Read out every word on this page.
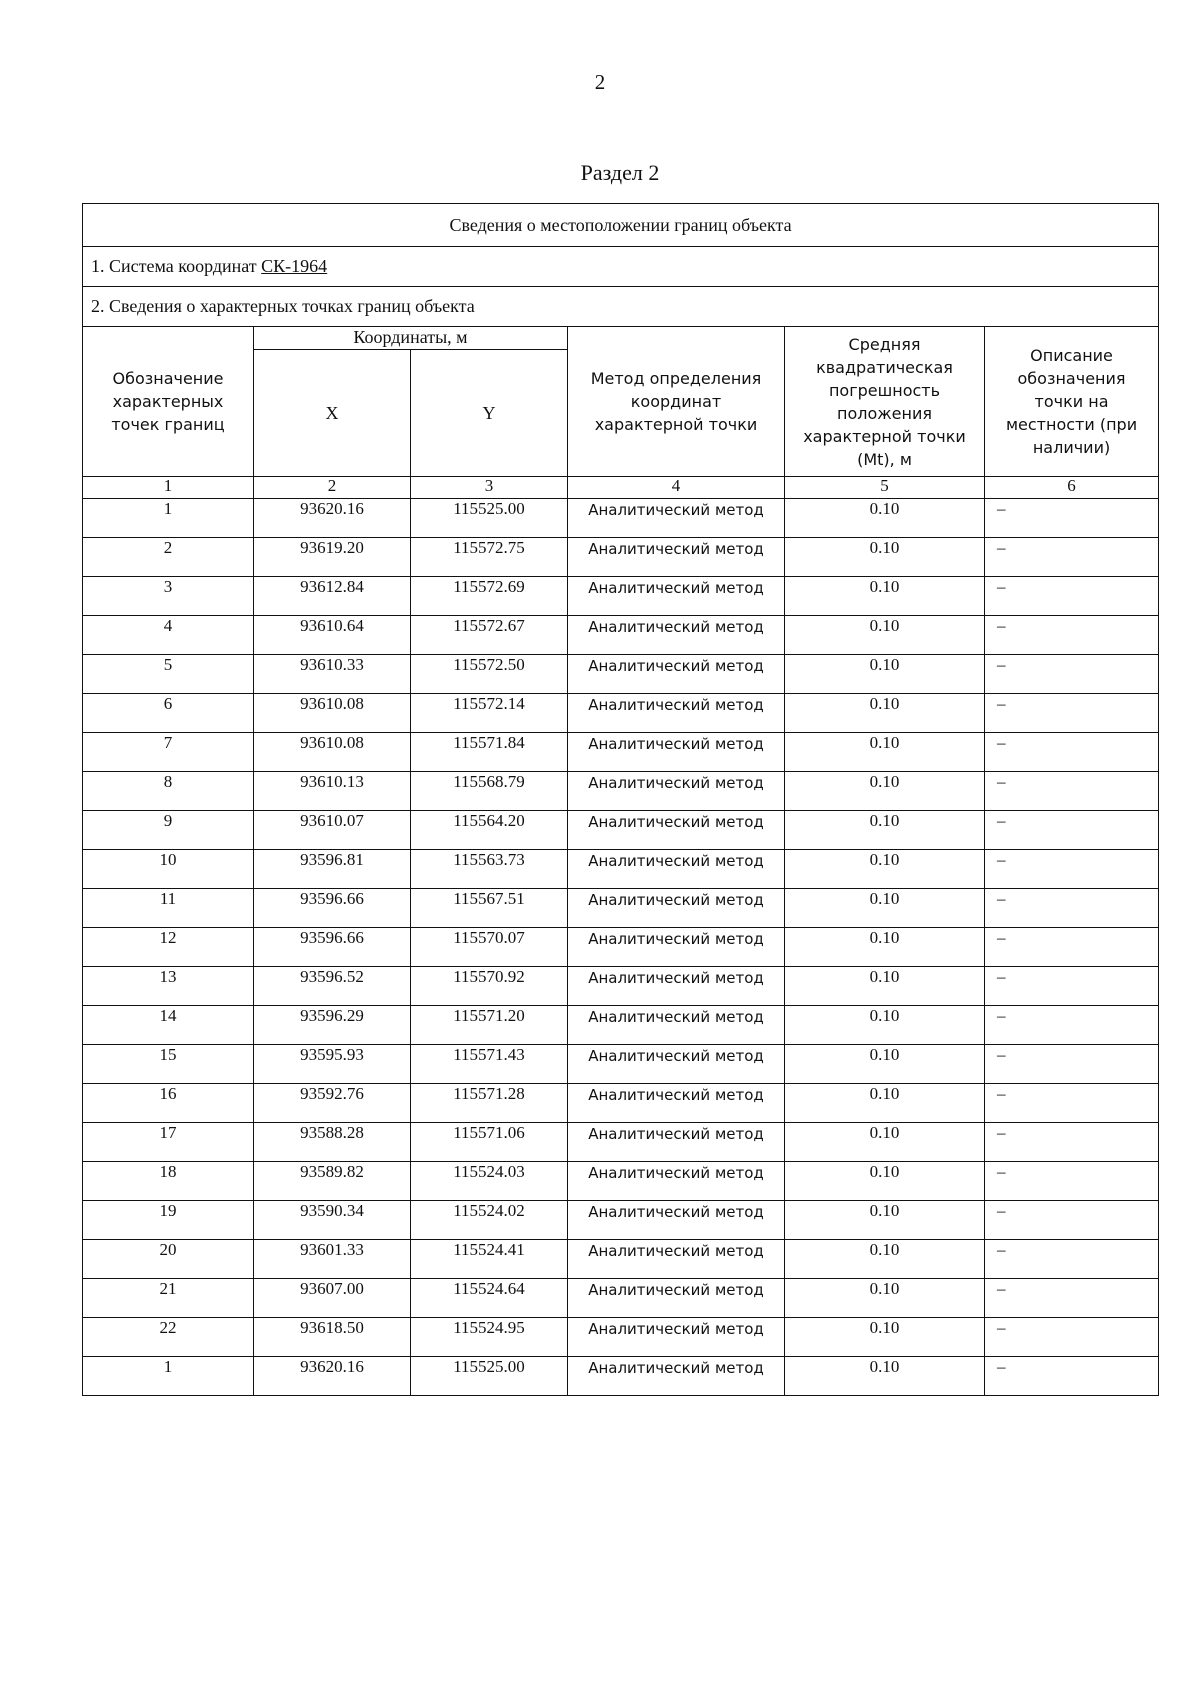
2
Раздел 2
Сведения о местоположении границ объекта					
1. Система координат СК-1964					
2. Сведения о характерных точках границ объекта					
Обозначение характерных точек границ	Координаты, м		Метод определения координат характерной точки	Средняя квадратическая погрешность положения характерной точки (Mt), м	Описание обозначения точки на местности (при наличии)
	X	Y			
1	2	3	4	5	6

1	93620.16	115525.00	Аналитический метод	0.10	–

2	93619.20	115572.75	Аналитический метод	0.10	–

3	93612.84	115572.69	Аналитический метод	0.10	–

4	93610.64	115572.67	Аналитический метод	0.10	–

5	93610.33	115572.50	Аналитический метод	0.10	–

6	93610.08	115572.14	Аналитический метод	0.10	–

7	93610.08	115571.84	Аналитический метод	0.10	–

8	93610.13	115568.79	Аналитический метод	0.10	–

9	93610.07	115564.20	Аналитический метод	0.10	–

10	93596.81	115563.73	Аналитический метод	0.10	–

11	93596.66	115567.51	Аналитический метод	0.10	–

12	93596.66	115570.07	Аналитический метод	0.10	–

13	93596.52	115570.92	Аналитический метод	0.10	–

14	93596.29	115571.20	Аналитический метод	0.10	–

15	93595.93	115571.43	Аналитический метод	0.10	–

16	93592.76	115571.28	Аналитический метод	0.10	–

17	93588.28	115571.06	Аналитический метод	0.10	–

18	93589.82	115524.03	Аналитический метод	0.10	–

19	93590.34	115524.02	Аналитический метод	0.10	–

20	93601.33	115524.41	Аналитический метод	0.10	–

21	93607.00	115524.64	Аналитический метод	0.10	–

22	93618.50	115524.95	Аналитический метод	0.10	–

1	93620.16	115525.00	Аналитический метод	0.10	–
